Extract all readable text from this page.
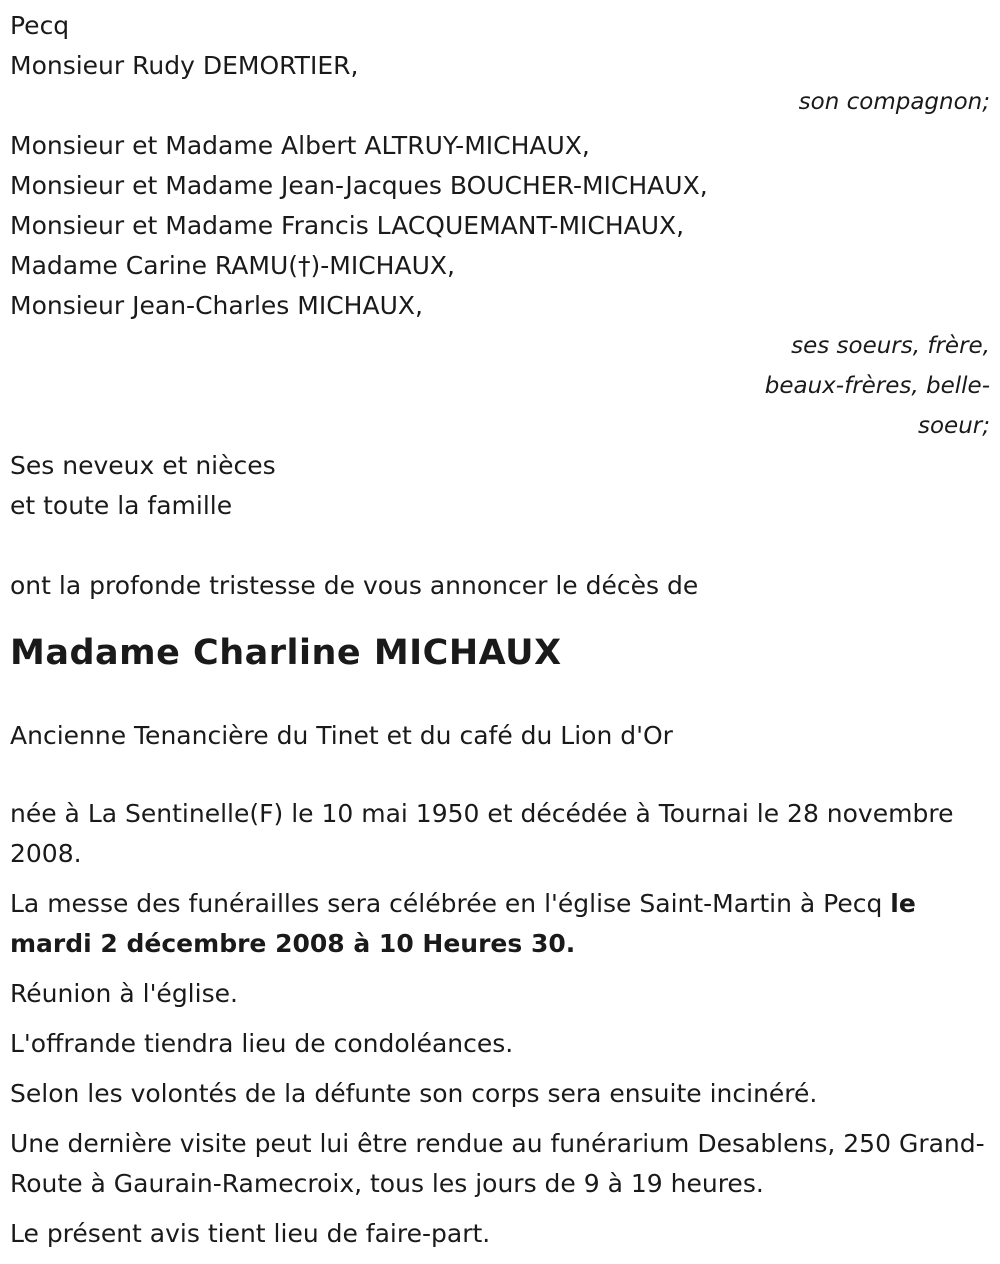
Pecq
Monsieur Rudy DEMORTIER,
son compagnon;
Monsieur et Madame Albert ALTRUY-MICHAUX,
Monsieur et Madame Jean-Jacques BOUCHER-MICHAUX,
Monsieur et Madame Francis LACQUEMANT-MICHAUX,
Madame Carine RAMU(†)-MICHAUX,
Monsieur Jean-Charles MICHAUX,
ses soeurs, frère,
beaux-frères, belle-
soeur;
Ses neveux et nièces
et toute la famille
ont la profonde tristesse de vous annoncer le décès de
Madame Charline MICHAUX
Ancienne Tenancière du Tinet et du café du Lion d'Or

née à La Sentinelle(F) le 10 mai 1950 et décédée à Tournai le 28 novembre 2008.

La messe des funérailles sera célébrée en l'église Saint-Martin à Pecq le mardi 2 décembre 2008 à 10 Heures 30.

Réunion à l'église.

L'offrande tiendra lieu de condoléances.

Selon les volontés de la défunte son corps sera ensuite incinéré.

Une dernière visite peut lui être rendue au funérarium Desablens, 250 Grand-Route à Gaurain-Ramecroix, tous les jours de 9 à 19 heures.

Le présent avis tient lieu de faire-part.
